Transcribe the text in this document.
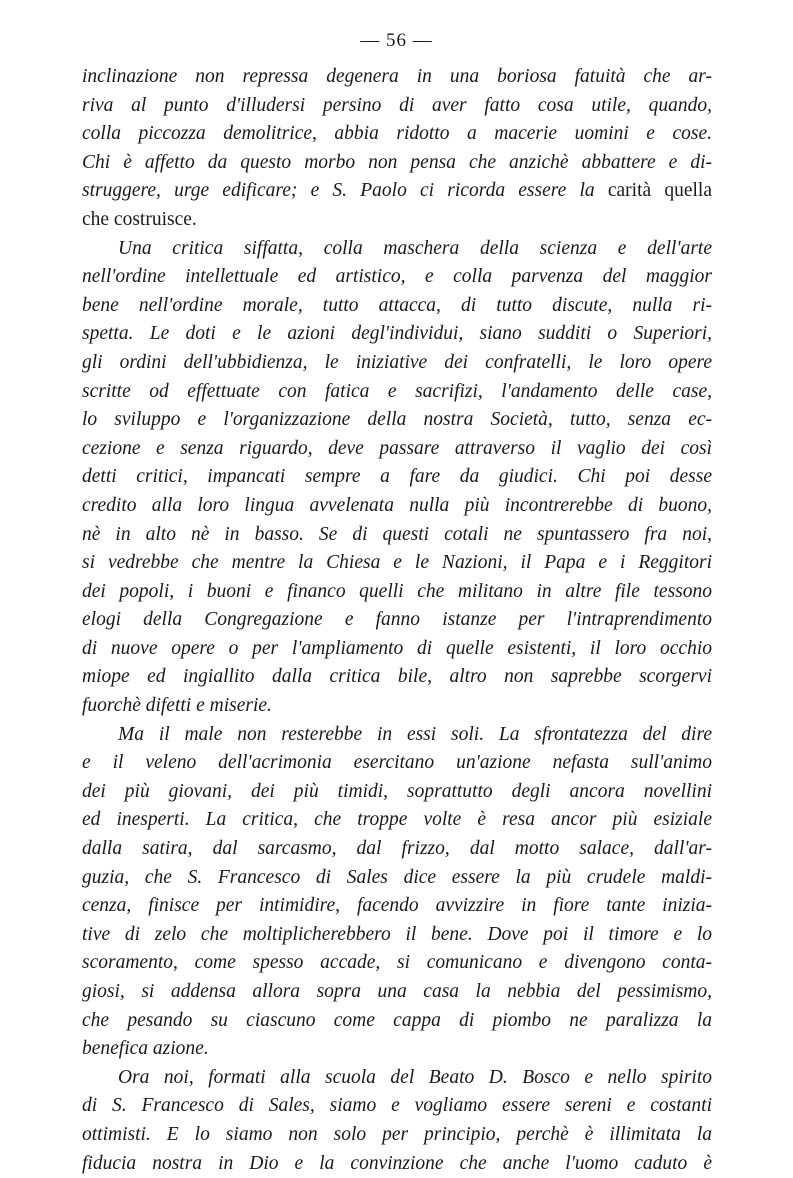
— 56 —
inclinazione non repressa degenera in una boriosa fatuità che ar-
riva al punto d'illudersi persino di aver fatto cosa utile, quando,
colla piccozza demolitrice, abbia ridotto a macerie uomini e cose.
Chi è affetto da questo morbo non pensa che anzichè abbattere e di-
struggere, urge edificare; e S. Paolo ci ricorda essere la carità quella
che costruisce.
Una critica siffatta, colla maschera della scienza e dell'arte
nell'ordine intellettuale ed artistico, e colla parvenza del maggior
bene nell'ordine morale, tutto attacca, di tutto discute, nulla ri-
spetta. Le doti e le azioni degl'individui, siano sudditi o Superiori,
gli ordini dell'ubbidienza, le iniziative dei confratelli, le loro opere
scritte od effettuate con fatica e sacrifizi, l'andamento delle case,
lo sviluppo e l'organizzazione della nostra Società, tutto, senza ec-
cezione e senza riguardo, deve passare attraverso il vaglio dei così
detti critici, impancati sempre a fare da giudici. Chi poi desse
credito alla loro lingua avvelenata nulla più incontrerebbe di buono,
nè in alto nè in basso. Se di questi cotali ne spuntassero fra noi,
si vedrebbe che mentre la Chiesa e le Nazioni, il Papa e i Reggitori
dei popoli, i buoni e financo quelli che militano in altre file tessono
elogi della Congregazione e fanno istanze per l'intraprendimento
di nuove opere o per l'ampliamento di quelle esistenti, il loro occhio
miope ed ingiallito dalla critica bile, altro non saprebbe scorgervi
fuorchè difetti e miserie.
Ma il male non resterebbe in essi soli. La sfrontatezza del dire
e il veleno dell'acrimonia esercitano un'azione nefasta sull'animo
dei più giovani, dei più timidi, soprattutto degli ancora novellini
ed inesperti. La critica, che troppe volte è resa ancor più esiziale
dalla satira, dal sarcasmo, dal frizzo, dal motto salace, dall'ar-
guzia, che S. Francesco di Sales dice essere la più crudele maldi-
cenza, finisce per intimidire, facendo avvizzire in fiore tante inizia-
tive di zelo che moltiplicherebbero il bene. Dove poi il timore e lo
scoramento, come spesso accade, si comunicano e divengono conta-
giosi, si addensa allora sopra una casa la nebbia del pessimismo,
che pesando su ciascuno come cappa di piombo ne paralizza la
benefica azione.
Ora noi, formati alla scuola del Beato D. Bosco e nello spirito
di S. Francesco di Sales, siamo e vogliamo essere sereni e costanti
ottimisti. E lo siamo non solo per principio, perchè è illimitata la
fiducia nostra in Dio e la convinzione che anche l'uomo caduto è
